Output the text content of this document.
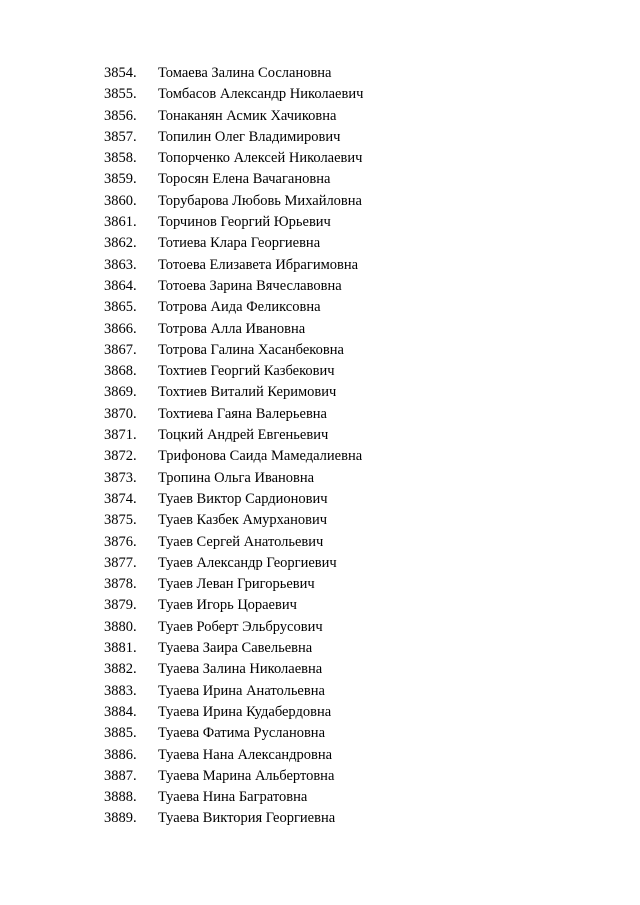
3854.	Томаева Залина Сослановна
3855.	Томбасов Александр Николаевич
3856.	Тонаканян Асмик Хачиковна
3857.	Топилин Олег Владимирович
3858.	Топорченко Алексей Николаевич
3859.	Торосян Елена Вачагановна
3860.	Торубарова Любовь Михайловна
3861.	Торчинов Георгий Юрьевич
3862.	Тотиева Клара Георгиевна
3863.	Тотоева Елизавета Ибрагимовна
3864.	Тотоева Зарина Вячеславовна
3865.	Тотрова Аида Феликсовна
3866.	Тотрова Алла Ивановна
3867.	Тотрова Галина Хасанбековна
3868.	Тохтиев Георгий Казбекович
3869.	Тохтиев Виталий Керимович
3870.	Тохтиева Гаяна Валерьевна
3871.	Тоцкий Андрей Евгеньевич
3872.	Трифонова Саида Мамедалиевна
3873.	Тропина Ольга Ивановна
3874.	Туаев Виктор Сардионович
3875.	Туаев Казбек Амурханович
3876.	Туаев Сергей Анатольевич
3877.	Туаев Александр Георгиевич
3878.	Туаев Леван Григорьевич
3879.	Туаев Игорь Цораевич
3880.	Туаев Роберт Эльбрусович
3881.	Туаева Заира Савельевна
3882.	Туаева Залина Николаевна
3883.	Туаева Ирина Анатольевна
3884.	Туаева Ирина Кудабердовна
3885.	Туаева Фатима Руслановна
3886.	Туаева Нана Александровна
3887.	Туаева Марина Альбертовна
3888.	Туаева Нина Багратовна
3889.	Туаева Виктория Георгиевна
